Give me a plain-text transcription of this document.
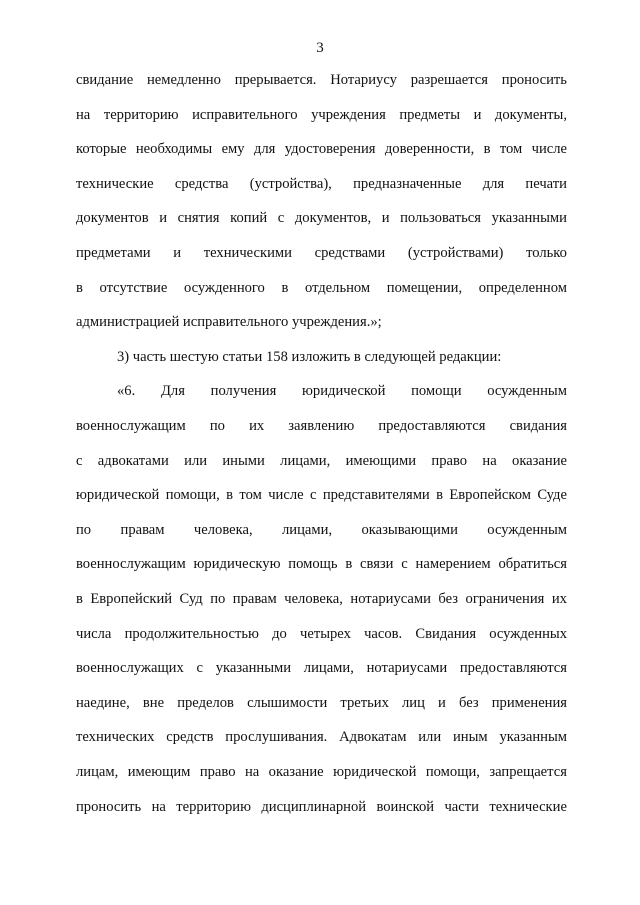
3
свидание немедленно прерывается. Нотариусу разрешается проносить
на территорию исправительного учреждения предметы и документы,
которые необходимы ему для удостоверения доверенности, в том числе
технические средства (устройства), предназначенные для печати
документов и снятия копий с документов, и пользоваться указанными
предметами и техническими средствами (устройствами) только
в отсутствие осужденного в отдельном помещении, определенном
администрацией исправительного учреждения.»;
3) часть шестую статьи 158 изложить в следующей редакции:
«6. Для получения юридической помощи осужденным
военнослужащим по их заявлению предоставляются свидания
с адвокатами или иными лицами, имеющими право на оказание
юридической помощи, в том числе с представителями в Европейском Суде
по правам человека, лицами, оказывающими осужденным
военнослужащим юридическую помощь в связи с намерением обратиться
в Европейский Суд по правам человека, нотариусами без ограничения их
числа продолжительностью до четырех часов. Свидания осужденных
военнослужащих с указанными лицами, нотариусами предоставляются
наедине, вне пределов слышимости третьих лиц и без применения
технических средств прослушивания. Адвокатам или иным указанным
лицам, имеющим право на оказание юридической помощи, запрещается
проносить на территорию дисциплинарной воинской части технические
